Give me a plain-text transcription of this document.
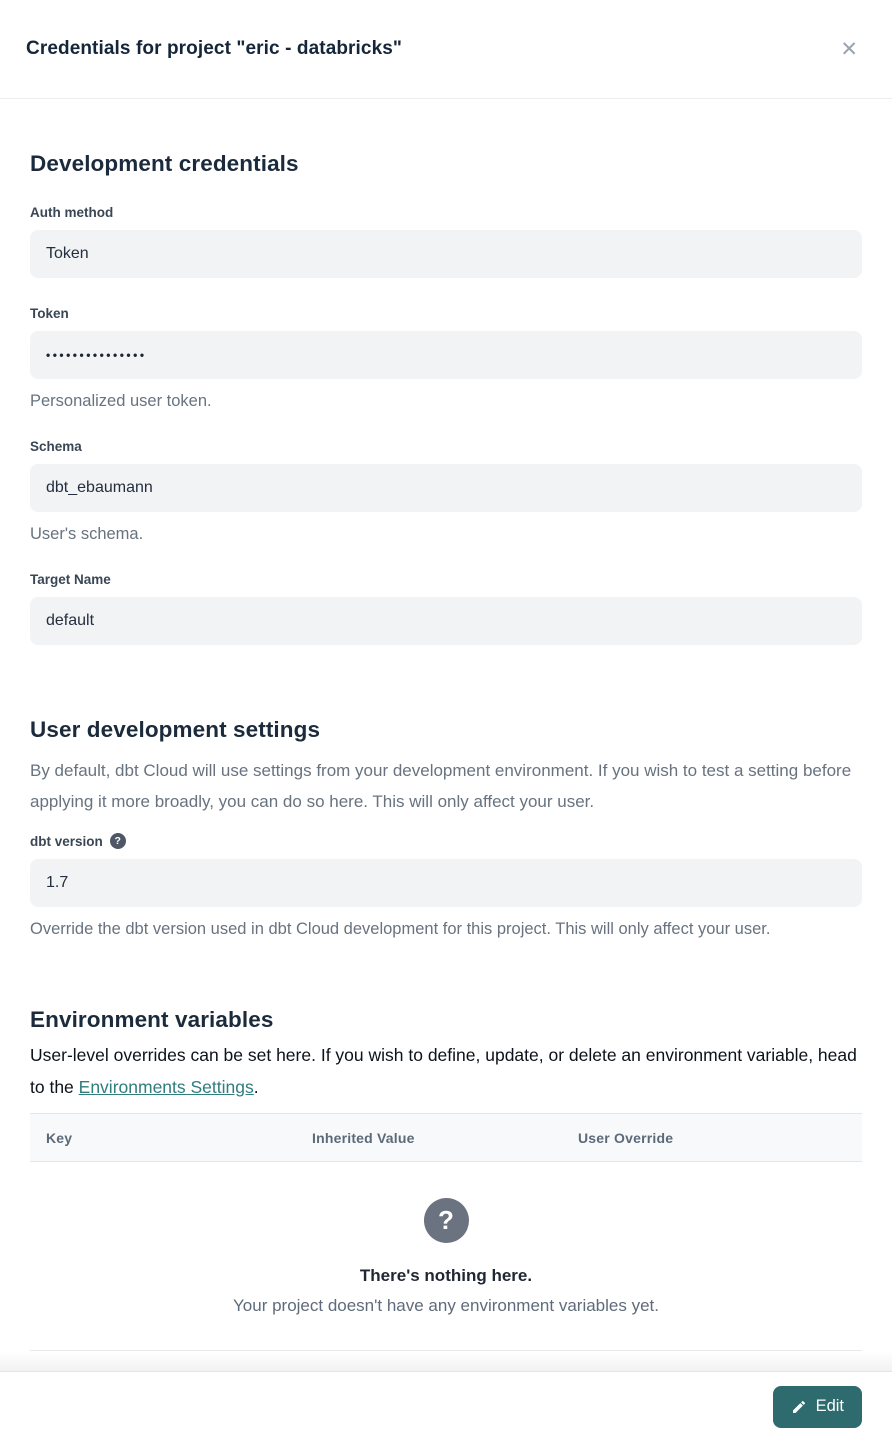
Credentials for project "eric - databricks"	✕
Development credentials
Auth method
Token
Token
•••••••••••••••
Personalized user token.
Schema
dbt_ebaumann
User's schema.
Target Name
default
User development settings

By default, dbt Cloud will use settings from your development environment. If you wish to test a setting before applying it more broadly, you can do so here. This will only affect your user.

dbt version	?
1.7
Override the dbt version used in dbt Cloud development for this project. This will only affect your user.
Environment variables

User-level overrides can be set here. If you wish to define, update, or delete an environment variable, head to the Environments Settings.

Key	Inherited Value	User Override
?
There's nothing here.
Your project doesn't have any environment variables yet.
Edit
